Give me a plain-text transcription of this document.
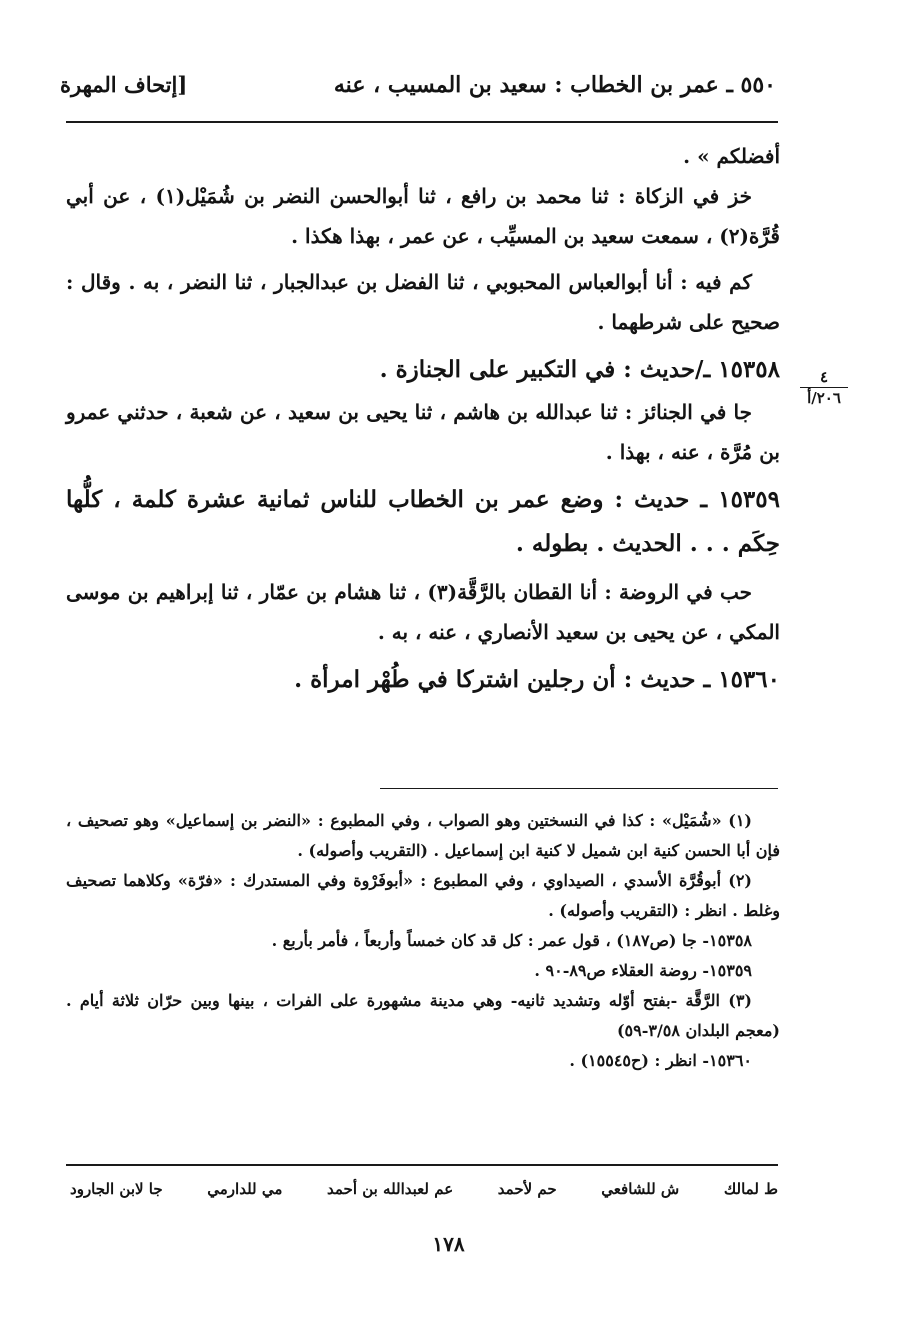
٥٥٠ ـ عمر بن الخطاب : سعيد بن المسيب ، عنه
[إتحاف المهرة
٤
٢٠٦/أ

أفضلكم » .

خز في الزكاة : ثنا محمد بن رافع ، ثنا أبوالحسن النضر بن شُمَيْل(١) ، عن أبي قُرَّة(٢) ، سمعت سعيد بن المسيِّب ، عن عمر ، بهذا هكذا .

كم فيه : أنا أبوالعباس المحبوبي ، ثنا الفضل بن عبدالجبار ، ثنا النضر ، به . وقال : صحيح على شرطهما .

١٥٣٥٨ ـ/حديث : في التكبير على الجنازة .

جا في الجنائز : ثنا عبدالله بن هاشم ، ثنا يحيى بن سعيد ، عن شعبة ، حدثني عمرو بن مُرَّة ، عنه ، بهذا .

١٥٣٥٩ ـ حديث : وضع عمر بن الخطاب للناس ثمانية عشرة كلمة ، كلُّها حِكَم . . . الحديث . بطوله .

حب في الروضة : أنا القطان بالرَّقَّة(٣) ، ثنا هشام بن عمّار ، ثنا إبراهيم بن موسى المكي ، عن يحيى بن سعيد الأنصاري ، عنه ، به .

١٥٣٦٠ ـ حديث : أن رجلين اشتركا في طُهْر امرأة .

(١) «شُمَيْل» : كذا في النسختين وهو الصواب ، وفي المطبوع : «النضر بن إسماعيل» وهو تصحيف ، فإن أبا الحسن كنية ابن شميل لا كنية ابن إسماعيل . (التقريب وأصوله) .

(٢) أبوقُرَّة الأسدي ، الصيداوي ، وفي المطبوع : «أبوفَرْوة وفي المستدرك : «فرّة» وكلاهما تصحيف وغلط . انظر : (التقريب وأصوله) .

١٥٣٥٨- جا (ص١٨٧) ، قول عمر : كل قد كان خمساً وأربعاً ، فأمر بأربع .

١٥٣٥٩- روضة العقلاء ص٨٩-٩٠ .

(٣) الرَّقَّة -بفتح أوّله وتشديد ثانيه- وهي مدينة مشهورة على الفرات ، بينها وبين حرّان ثلاثة أيام . (معجم البلدان ٣/٥٨-٥٩)

١٥٣٦٠- انظر : (ح١٥٥٤٥) .

ط لمالك
ش للشافعي
حم لأحمد
عم لعبدالله بن أحمد
مي للدارمي
جا لابن الجارود
١٧٨
